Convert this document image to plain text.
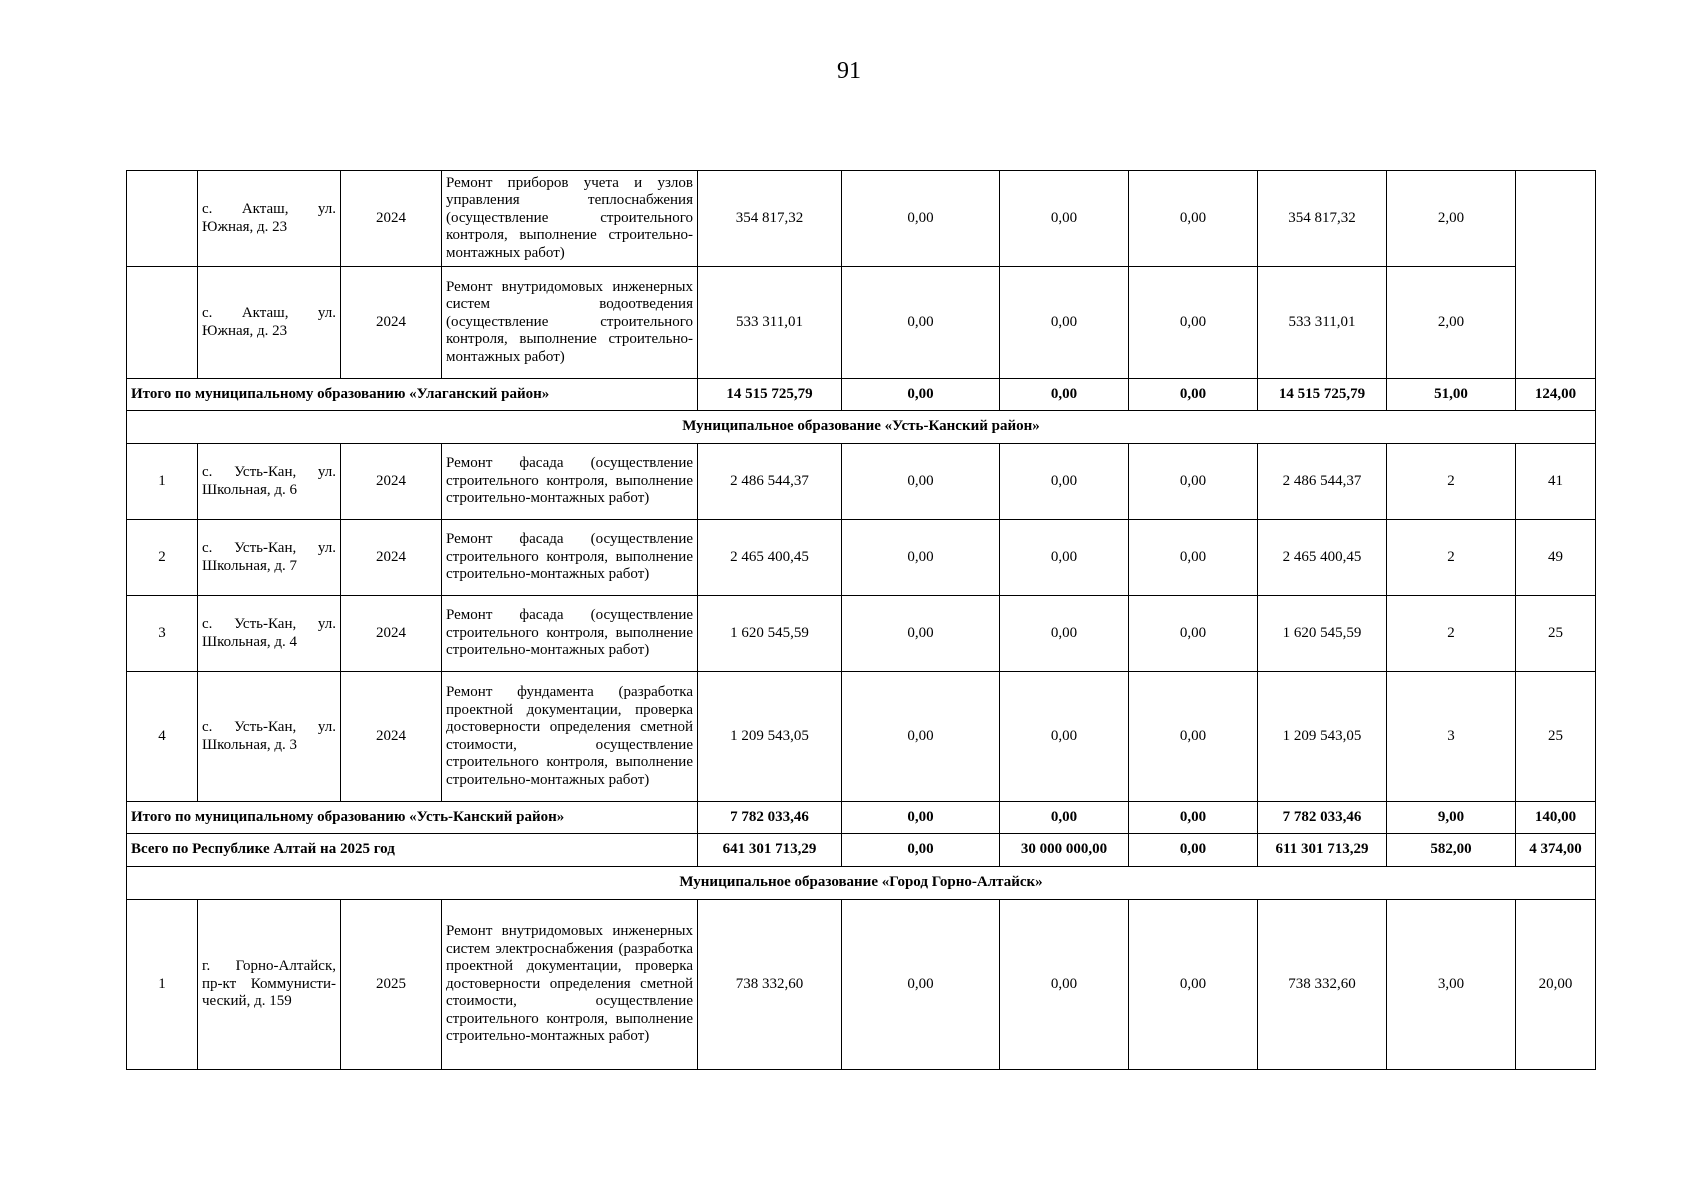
91
	с. Акташ, ул. Южная, д. 23	2024	Ремонт приборов учета и узлов управления теплоснабжения (осуществление строительного контроля, выполнение строительно-монтажных работ)	354 817,32	0,00	0,00	0,00	354 817,32	2,00	
	с. Акташ, ул. Южная, д. 23	2024	Ремонт внутридомовых инженерных систем водоотведения (осуществление строительного контроля, выполнение строительно-монтажных работ)	533 311,01	0,00	0,00	0,00	533 311,01	2,00	
Итого по муниципальному образованию «Улаганский район»				14 515 725,79	0,00	0,00	0,00	14 515 725,79	51,00	124,00
Муниципальное образование «Усть-Канский район»										
1	с. Усть-Кан, ул. Школьная, д. 6	2024	Ремонт фасада (осуществление строительного контроля, выполнение строительно-монтажных работ)	2 486 544,37	0,00	0,00	0,00	2 486 544,37	2	41
2	с. Усть-Кан, ул. Школьная, д. 7	2024	Ремонт фасада (осуществление строительного контроля, выполнение строительно-монтажных работ)	2 465 400,45	0,00	0,00	0,00	2 465 400,45	2	49
3	с. Усть-Кан, ул. Школьная, д. 4	2024	Ремонт фасада (осуществление строительного контроля, выполнение строительно-монтажных работ)	1 620 545,59	0,00	0,00	0,00	1 620 545,59	2	25
4	с. Усть-Кан, ул. Школьная, д. 3	2024	Ремонт фундамента (разработка проектной документации, проверка достоверности определения сметной стоимости, осуществление строительного контроля, выполнение строительно-монтажных работ)	1 209 543,05	0,00	0,00	0,00	1 209 543,05	3	25
Итого по муниципальному образованию «Усть-Канский район»				7 782 033,46	0,00	0,00	0,00	7 782 033,46	9,00	140,00
Всего по Республике Алтай на 2025 год				641 301 713,29	0,00	30 000 000,00	0,00	611 301 713,29	582,00	4 374,00
Муниципальное образование «Город Горно-Алтайск»										
1	г. Горно-Алтайск, пр-кт Коммунисти-ческий, д. 159	2025	Ремонт внутридомовых инженерных систем электроснабжения (разработка проектной документации, проверка достоверности определения сметной стоимости, осуществление строительного контроля, выполнение строительно-монтажных работ)	738 332,60	0,00	0,00	0,00	738 332,60	3,00	20,00
